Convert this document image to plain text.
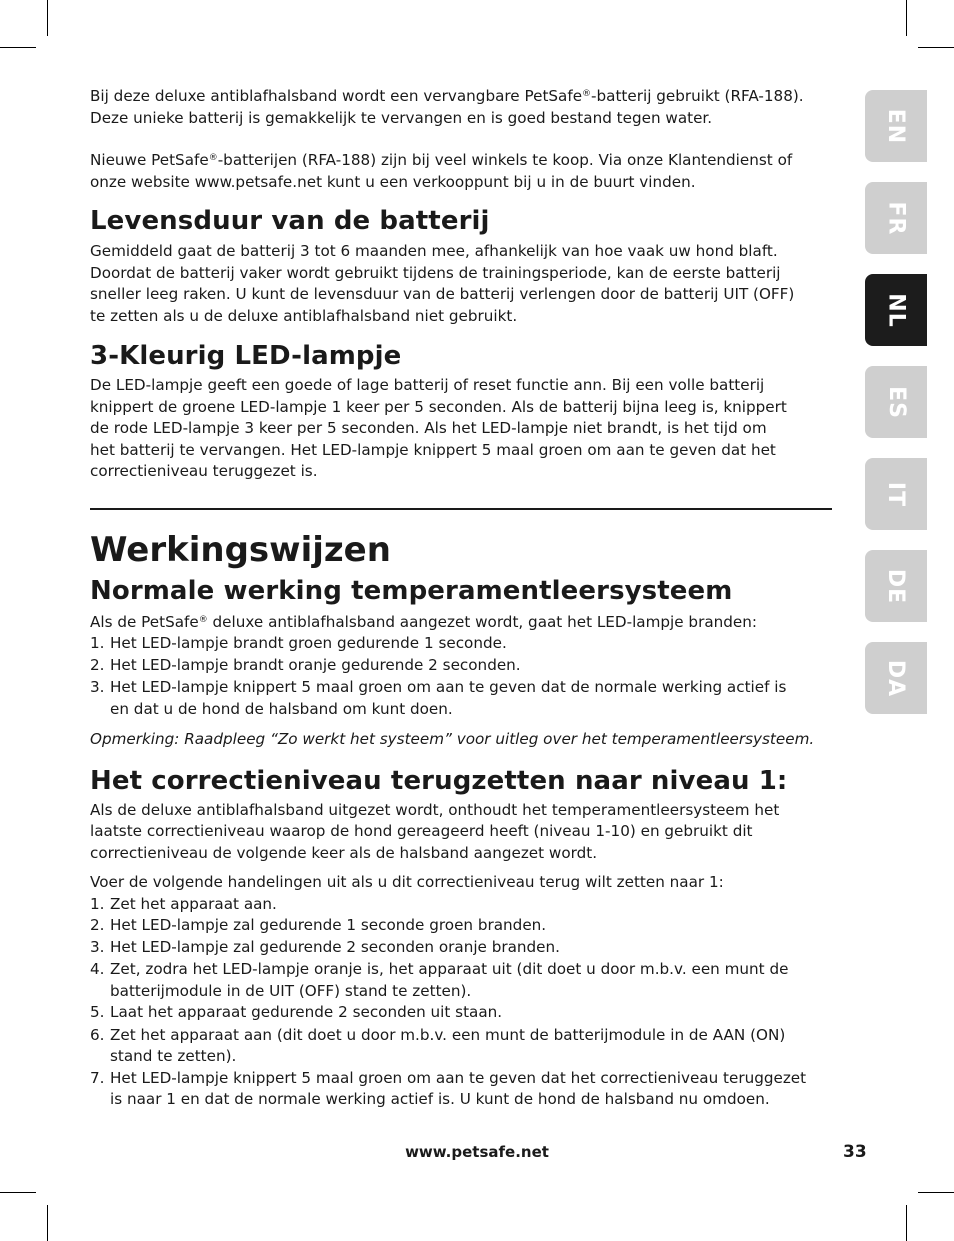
Bij deze deluxe antiblafhalsband wordt een vervangbare PetSafe®-batterij gebruikt (RFA-188).
Deze unieke batterij is gemakkelijk te vervangen en is goed bestand tegen water.

Nieuwe PetSafe®-batterijen (RFA-188) zijn bij veel winkels te koop. Via onze Klantendienst of
onze website www.petsafe.net kunt u een verkooppunt bij u in de buurt vinden.

Levensduur van de batterij

Gemiddeld gaat de batterij 3 tot 6 maanden mee, afhankelijk van hoe vaak uw hond blaft.
Doordat de batterij vaker wordt gebruikt tijdens de trainingsperiode, kan de eerste batterij
sneller leeg raken. U kunt de levensduur van de batterij verlengen door de batterij UIT (OFF)
te zetten als u de deluxe antiblafhalsband niet gebruikt.

3-Kleurig LED-lampje

De LED-lampje geeft een goede of lage batterij of reset functie ann. Bij een volle batterij
knippert de groene LED-lampje 1 keer per 5 seconden. Als de batterij bijna leeg is, knippert
de rode LED-lampje 3 keer per 5 seconden. Als het LED-lampje niet brandt, is het tijd om
het batterij te vervangen. Het LED-lampje knippert 5 maal groen om aan te geven dat het
correctieniveau teruggezet is.

Werkingswijzen
Normale werking temperamentleersysteem

Als de PetSafe® deluxe antiblafhalsband aangezet wordt, gaat het LED-lampje branden:

1. Het LED-lampje brandt groen gedurende 1 seconde.
2. Het LED-lampje brandt oranje gedurende 2 seconden.
3. Het LED-lampje knippert 5 maal groen om aan te geven dat de normale werking actief is
en dat u de hond de halsband om kunt doen.

Opmerking: Raadpleeg “Zo werkt het systeem” voor uitleg over het temperamentleersysteem.

Het correctieniveau terugzetten naar niveau 1:

Als de deluxe antiblafhalsband uitgezet wordt, onthoudt het temperamentleersysteem het
laatste correctieniveau waarop de hond gereageerd heeft (niveau 1-10) en gebruikt dit
correctieniveau de volgende keer als de halsband aangezet wordt.

Voer de volgende handelingen uit als u dit correctieniveau terug wilt zetten naar 1:

1. Zet het apparaat aan.
2. Het LED-lampje zal gedurende 1 seconde groen branden.
3. Het LED-lampje zal gedurende 2 seconden oranje branden.
4. Zet, zodra het LED-lampje oranje is, het apparaat uit (dit doet u door m.b.v. een munt de
batterijmodule in de UIT (OFF) stand te zetten).
5. Laat het apparaat gedurende 2 seconden uit staan.
6. Zet het apparaat aan (dit doet u door m.b.v. een munt de batterijmodule in de AAN (ON)
stand te zetten).
7. Het LED-lampje knippert 5 maal groen om aan te geven dat het correctieniveau teruggezet
is naar 1 en dat de normale werking actief is. U kunt de hond de halsband nu omdoen.
EN
FR
NL
ES
IT
DE
DA
www.petsafe.net	33
